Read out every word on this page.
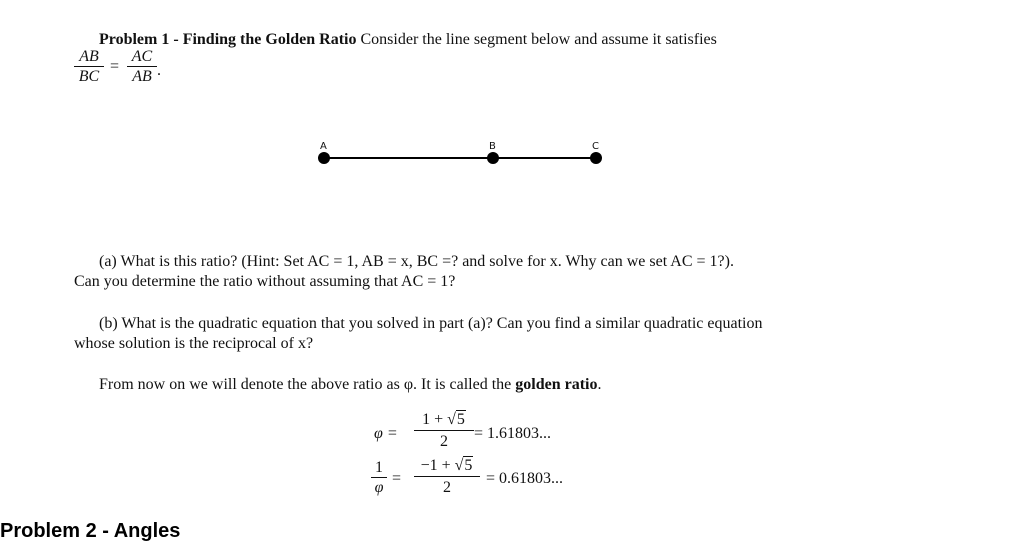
Problem 1 - Finding the Golden Ratio Consider the line segment below and assume it satisfies
AB
BC
=
AC
AB .
A	B	C
(a) What is this ratio? (Hint: Set AC = 1, AB = x, BC =? and solve for x. Why can we set AC = 1?).
Can you determine the ratio without assuming that AC = 1?
(b) What is the quadratic equation that you solved in part (a)? Can you find a similar quadratic equation
whose solution is the reciprocal of x?
From now on we will denote the above ratio as φ. It is called the golden ratio.
φ =
1 + √5
2	= 1.61803...
1
φ
=
−1 + √5
2
= 0.61803...
Problem 2 - Angles
